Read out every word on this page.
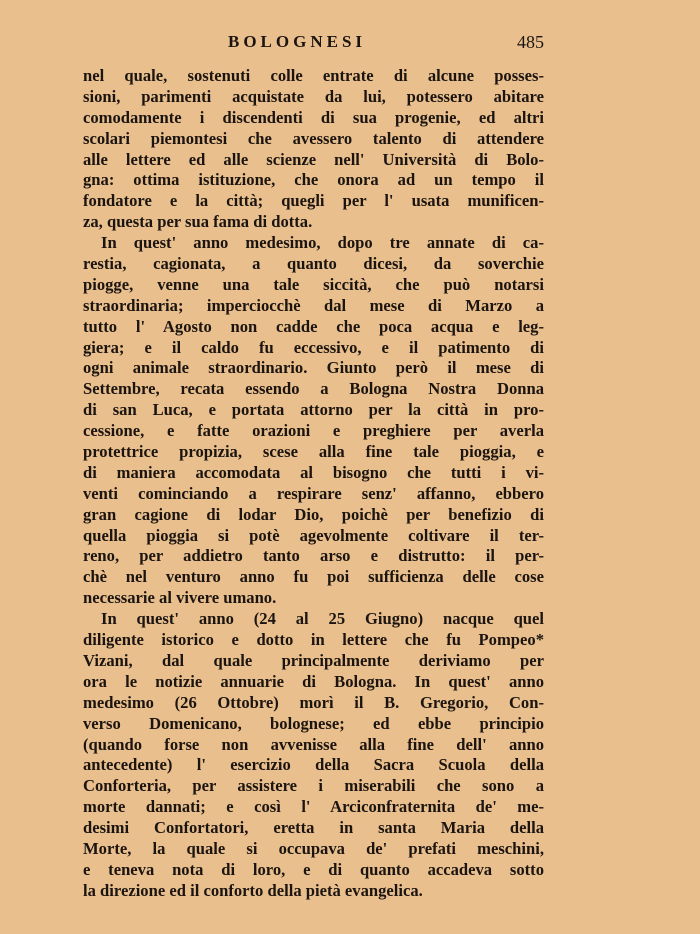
BOLOGNESI	485
nel quale, sostenuti colle entrate di alcune posses-
sioni, parimenti acquistate da lui, potessero abitare
comodamente i discendenti di sua progenie, ed altri
scolari piemontesi che avessero talento di attendere
alle lettere ed alle scienze nell' Università di Bolo-
gna: ottima istituzione, che onora ad un tempo il
fondatore e la città; quegli per l' usata munificen-
za, questa per sua fama di dotta.
In quest' anno medesimo, dopo tre annate di ca-
restia, cagionata, a quanto dicesi, da soverchie
piogge, venne una tale siccità, che può notarsi
straordinaria; imperciocchè dal mese di Marzo a
tutto l' Agosto non cadde che poca acqua e leg-
giera; e il caldo fu eccessivo, e il patimento di
ogni animale straordinario. Giunto però il mese di
Settembre, recata essendo a Bologna Nostra Donna
di san Luca, e portata attorno per la città in pro-
cessione, e fatte orazioni e preghiere per averla
protettrice propizia, scese alla fine tale pioggia, e
di maniera accomodata al bisogno che tutti i vi-
venti cominciando a respirare senz' affanno, ebbero
gran cagione di lodar Dio, poichè per benefizio di
quella pioggia si potè agevolmente coltivare il ter-
reno, per addietro tanto arso e distrutto: il per-
chè nel venturo anno fu poi sufficienza delle cose
necessarie al vivere umano.
In quest' anno (24 al 25 Giugno) nacque quel
diligente istorico e dotto in lettere che fu Pompeo*
Vizani, dal quale principalmente deriviamo per
ora le notizie annuarie di Bologna. In quest' anno
medesimo (26 Ottobre) morì il B. Gregorio, Con-
verso Domenicano, bolognese; ed ebbe principio
(quando forse non avvenisse alla fine dell' anno
antecedente) l' esercizio della Sacra Scuola della
Conforteria, per assistere i miserabili che sono a
morte dannati; e così l' Arciconfraternita de' me-
desimi Confortatori, eretta in santa Maria della
Morte, la quale si occupava de' prefati meschini,
e teneva nota di loro, e di quanto accadeva sotto
la direzione ed il conforto della pietà evangelica.
